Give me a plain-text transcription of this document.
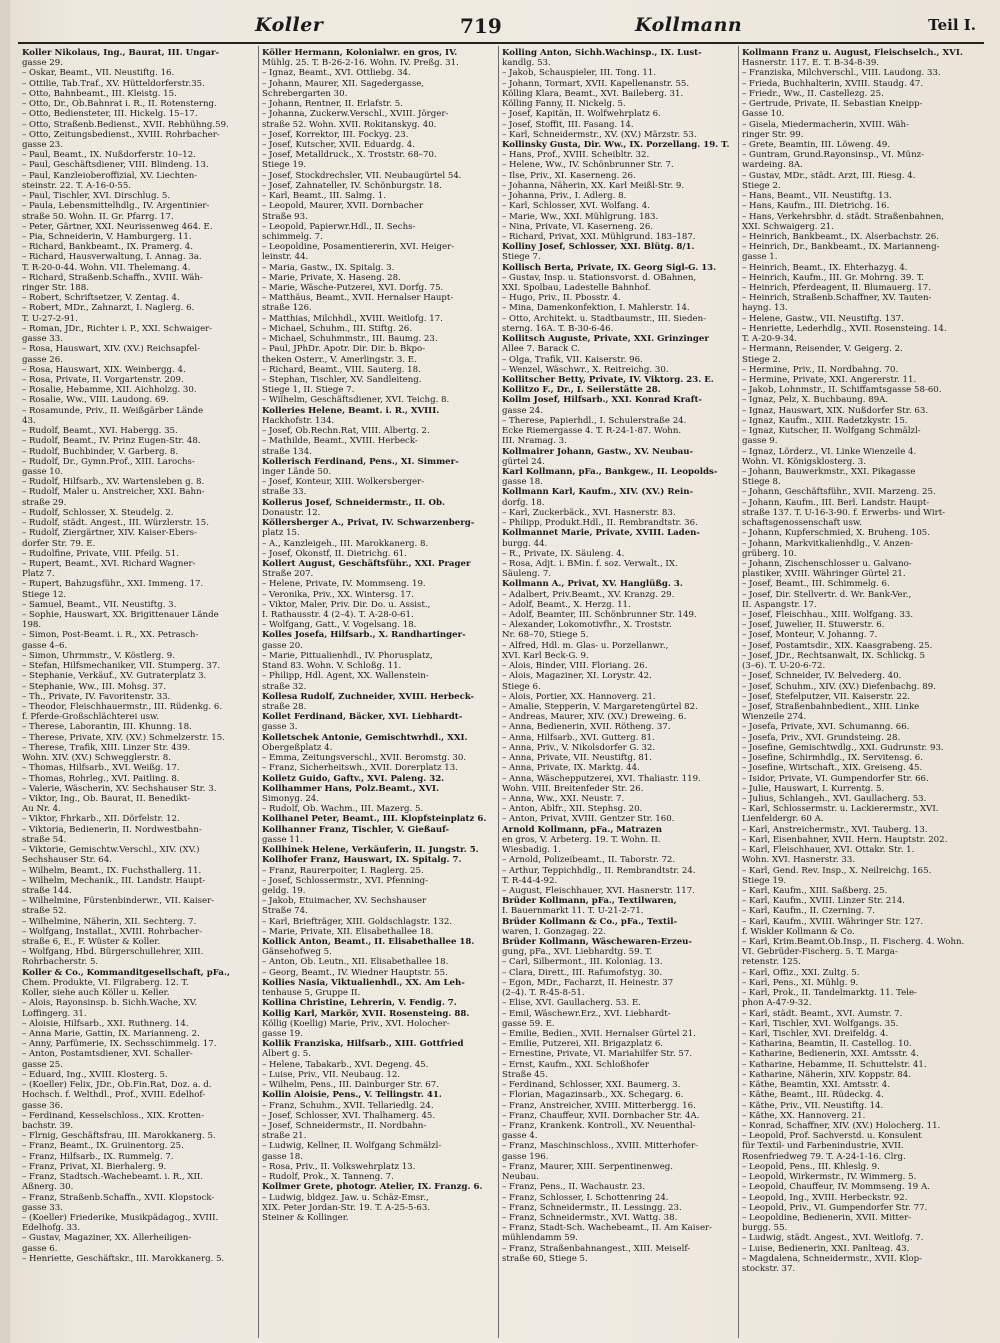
Koller	719	Kollmann	Teil I.
Koller Nikolaus, Ing., Baurat, III. Ungar-
gasse 29.
– Oskar, Beamt., VII. Neustiftg. 16.
– Ottilie, Tab.Traf., XV. Hütteldorferstr.35.
– Otto, Bahnbeamt., III. Kleistg. 15.
– Otto, Dr., Ob.Bahnrat i. R., II. Rotensterng.
– Otto, Bediensteter, III. Hickelg. 15–17.
– Otto, Straßenb.Bedienst., XVII. Rebhühng.59.
– Otto, Zeitungsbedienst., XVIII. Rohrbacher-
gasse 23.
– Paul, Beamt., IX. Nußdorferstr. 10–12.
– Paul, Geschäftsdiener, VIII. Blindeng. 13.
– Paul, Kanzleioberoffizial, XV. Liechten-
steinstr. 22. T. A-16-0-55.
– Paul, Tischler, XVI. Dirschlug. 5.
– Paula, Lebensmittelhdlg., IV. Argentinier-
straße 50. Wohn. II. Gr. Pfarrg. 17.
– Peter, Gärtner, XXI. Neurissenweg 464. E.
– Pia, Schneiderin, V. Hamburgerg. 11.
– Richard, Bankbeamt., IX. Pramerg. 4.
– Richard, Hausverwaltung, I. Annag. 3a.
T. R-20-0-44. Wohn. VII. Thelemang. 4.
– Richard, Straßenb.Schaffn., XVIII. Wäh-
ringer Str. 188.
– Robert, Schriftsetzer, V. Zentag. 4.
– Robert, MDr., Zahnarzt, I. Naglerg. 6.
T. U-27-2-91.
– Roman, JDr., Richter i. P., XXI. Schwaiger-
gasse 33.
– Rosa, Hauswart, XIV. (XV.) Reichsapfel-
gasse 26.
– Rosa, Hauswart, XIX. Weinbergg. 4.
– Rosa, Private, II. Vorgartenstr. 209.
– Rosalie, Hebamme, XII. Aichholzg. 30.
– Rosalie, Ww., VIII. Laudong. 69.
– Rosamunde, Priv., II. Weißgärber Lände
43.
– Rudolf, Beamt., XVI. Habergg. 35.
– Rudolf, Beamt., IV. Prinz Eugen-Str. 48.
– Rudolf, Buchbinder, V. Garberg. 8.
– Rudolf, Dr., Gymn.Prof., XIII. Larochs-
gasse 10.
– Rudolf, Hilfsarb., XV. Wartensleben g. 8.
– Rudolf, Maler u. Anstreicher, XXI. Bahn-
straße 29.
– Rudolf, Schlosser, X. Steudelg. 2.
– Rudolf, städt. Angest., III. Würzlerstr. 15.
– Rudolf, Ziergärtner, XIV. Kaiser-Ebers-
dorfer Str. 79. E.
– Rudolfine, Private, VIII. Pfeilg. 51.
– Rupert, Beamt., XVI. Richard Wagner-
Platz 7.
– Rupert, Bahzugsführ., XXI. Immeng. 17.
Stiege 12.
– Samuel, Beamt., VII. Neustiftg. 3.
– Sophie, Hauswart, XX. Brigittenauer Lände
198.
– Simon, Post-Beamt. i. R., XX. Petrasch-
gasse 4–6.
– Simon, Uhrmmstr., V. Köstlerg. 9.
– Stefan, Hilfsmechaniker, VII. Stumperg. 37.
– Stephanie, Verkäuf., XV. Gutraterplatz 3.
– Stephanie, Ww., III. Mohsg. 37.
– Th., Private, IV. Favoritenstr. 33.
– Theodor, Fleischhauermstr., III. Rüdenkg. 6.
f. Pferde-Großschlächterei usw.
– Therese, Laborantin, III. Khunng. 18.
– Therese, Private, XIV. (XV.) Schmelzerstr. 15.
– Therese, Trafik, XIII. Linzer Str. 439.
Wohn. XIV. (XV.) Schwegglerstr. 8.
– Thomas, Hilfsarb., XVI. Weißg. 17.
– Thomas, Rohrleg., XVI. Paitling. 8.
– Valerie, Wäscherin, XV. Sechshauser Str. 3.
– Viktor, Ing., Ob. Baurat, II. Benedikt-
Au Nr. 4.
– Viktor, Fhrkarb., XII. Dörfelstr. 12.
– Viktoria, Bedienerin, II. Nordwestbahn-
straße 54.
– Viktorie, Gemischtw.Verschl., XIV. (XV.)
Sechshauser Str. 64.
– Wilhelm, Beamt., IX. Fuchsthallerg. 11.
– Wilhelm, Mechanik., III. Landstr. Haupt-
straße 144.
– Wilhelmine, Fürstenbinderwr., VII. Kaiser-
straße 52.
– Wilhelmine, Näherin, XII. Sechterg. 7.
– Wolfgang, Installat., XVIII. Rohrbacher-
straße 6, E., F. Wüster & Koller.
– Wolfgang, Hbd. Bürgerschullehrer, XIII.
Rohrbacherstr. 5.
Koller & Co., Kommanditgesellschaft, pFa.,
Chem. Produkte, VI. Filgraberg. 12. T.
Koller, siehe auch Köller u. Keller.
– Alois, Rayonsinsp. b. Sichh.Wache, XV.
Loffingerg. 31.
– Aloisie, Hilfsarb., XXI. Ruthnerg. 14.
– Anna Marie, Gattin, IX. Marianneng. 2.
– Anny, Parfümerie, IX. Sechsschimmelg. 17.
– Anton, Postamtsdiener, XVI. Schaller-
gasse 25.
– Eduard, Ing., XVIII. Klosterg. 5.
– (Koeller) Felix, JDr., Ob.Fin.Rat, Doz. a. d.
Hochsch. f. Welthdl., Prof., XVIII. Edelhof-
gasse 36.
– Ferdinand, Kesselschloss., XIX. Krotten-
bachstr. 39.
– Flrnig, Geschäftsfrau, III. Marokkanerg. 5.
– Franz, Beamt., IX. Gruinentorg. 25.
– Franz, Hilfsarb., IX. Rummelg. 7.
– Franz, Privat, XI. Bierhalerg. 9.
– Franz, Stadtsch.-Wachebeamt. i. R., XII.
Aßnerg. 30.
– Franz, Straßenb.Schaffn., XVII. Klopstock-
gasse 33.
– (Koeller) Friederike, Musikpädagog., XVIII.
Edelhofg. 33.
– Gustav, Magaziner, XX. Allerheiligen-
gasse 6.
– Henriette, Geschäftskr., III. Marokkanerg. 5.
Köller Hermann, Kolonialwr. en gros, IV.
Mühlg. 25. T. B-26-2-16. Wohn. IV. Preßg. 31.
– Ignaz, Beamt., XVI. Ottliebg. 34.
– Johann, Maurer, XII. Sagedergasse,
Schrebergarten 30.
– Johann, Rentner, II. Erlafstr. 5.
– Johanna, Zuckerw.Verschl., XVIII. Jörger-
straße 52. Wohn. XVII. Rokitanskyg. 40.
– Josef, Korrektor, III. Fockyg. 23.
– Josef, Kutscher, XVII. Eduardg. 4.
– Josef, Metalldruck., X. Troststr. 68–70.
Stiege 19.
– Josef, Stockdrechsler, VII. Neubaugürtel 54.
– Josef, Zahnateller, IV. Schönburgstr. 18.
– Karl, Beamt., III. Salmg. 1.
– Leopold, Maurer, XVII. Dornbacher
Straße 93.
– Leopold, Papierwr.Hdl., II. Sechs-
schimmelg. 7.
– Leopoldine, Posamentiererin, XVI. Heiger-
leinstr. 44.
– Maria, Gastw., IX. Spitalg. 3.
– Marie, Private, X. Haseng. 28.
– Marie, Wäsche-Putzerei, XVI. Dorfg. 75.
– Matthäus, Beamt., XVII. Hernalser Haupt-
straße 126.
– Matthias, Milchhdl., XVIII. Weitlofg. 17.
– Michael, Schuhm., III. Stiftg. 26.
– Michael, Schuhmmstr., III. Baumg. 23.
– Paul, JPhDr. Apotr. Dir. Dir. b. Bkpo-
theken Österr., V. Amerlingstr. 3. E.
– Richard, Beamt., VIII. Sauterg. 18.
– Stephan, Tischler, XV. Sandleiteng.
Stiege 1, II. Stiege 7.
– Wilhelm, Geschäftsdiener, XVI. Teichg. 8.
Kolleries Helene, Beamt. i. R., XVIII.
Hackhofstr. 134.
– Josef, Ob.Rechn.Rat, VIII. Albertg. 2.
– Mathilde, Beamt., XVIII. Herbeck-
straße 134.
Kollerisch Ferdinand, Pens., XI. Simmer-
inger Lände 50.
– Josef, Konteur, XIII. Wolkersberger-
straße 33.
Kollerus Josef, Schneidermstr., II. Ob.
Donaustr. 12.
Köllersberger A., Privat, IV. Schwarzenberg-
platz 15.
– A., Kanzleigeh., III. Marokkanerg. 8.
– Josef, Ökonstf, II. Dietrichg. 61.
Kollert August, Geschäftsführ., XXI. Prager
Straße 207.
– Helene, Private, IV. Mommseng. 19.
– Veronika, Priv., XX. Wintersg. 17.
– Viktor, Maler, Priv. Dir. Do. u. Assist.,
I. Rathausstr. 4 (2–4). T. A-28-0-61.
– Wolfgang, Gatt., V. Vogelsang. 18.
Kolles Josefa, Hilfsarb., X. Randhartinger-
gasse 20.
– Marie, Pittualienhdl., IV. Phorusplatz,
Stand 83. Wohn. V. Schloßg. 11.
– Philipp, Hdl. Agent, XX. Wallenstein-
straße 32.
Kollesa Rudolf, Zuchneider, XVIII. Herbeck-
straße 28.
Kollet Ferdinand, Bäcker, XVI. Liebhardt-
gasse 3.
Kolletschek Antonie, Gemischtwrhdl., XXI.
Obergeßplatz 4.
– Emma, Zeitungsverschl., XVII. Beromstg. 30.
– Franz, Sicherheitswh., XVII. Dorerplatz 13.
Kolletz Guido, Gaftv., XVI. Paleng. 32.
Kollhammer Hans, Polz.Beamt., XVI.
Simonyg. 24.
– Rudolf, Ob. Wachm., III. Mazerg. 5.
Kollhanel Peter, Beamt., III. Klopfsteinplatz 6.
Kollhanner Franz, Tischler, V. Gießauf-
gasse 11.
Kollhinek Helene, Verkäuferin, II. Jungstr. 5.
Kollhofer Franz, Hauswart, IX. Spitalg. 7.
– Franz, Raurerpoiter, I. Raglerg. 25.
– Josef, Schlossermstr., XVI. Pfenning-
geldg. 19.
– Jakob, Etuimacher, XV. Sechshauser
Straße 74.
– Karl, Briefträger, XIII. Goldschlagstr. 132.
– Marie, Private, XII. Elisabethallee 18.
Kollick Anton, Beamt., II. Elisabethallee 18.
Gänsehofweg 5.
– Anton, Ob. Leutn., XII. Elisabethallee 18.
– Georg, Beamt., IV. Wiedner Hauptstr. 55.
Kollies Nasia, Viktualienhdl., XX. Am Leh-
tenhause 5, Gruppe II.
Kollina Christine, Lehrerin, V. Fendig. 7.
Kollig Karl, Markör, XVII. Rosensteing. 88.
Köllig (Koellig) Marie, Priv., XVI. Holocher-
gasse 19.
Kollik Franziska, Hilfsarb., XIII. Gottfried
Albert g. 5.
– Helene, Tabakarb., XVI. Degeng. 45.
– Luise, Priv., VII. Neubaug. 12.
– Wilhelm, Pens., III. Dainburger Str. 67.
Kollin Aloisie, Pens., V. Tellingstr. 41.
– Franz, Schuhm., XVII. Tellariedlg. 24.
– Josef, Schlosser, XVI. Thalhamerg. 45.
– Josef, Schneidermstr., II. Nordbahn-
straße 21.
– Ludwig, Kellner, II. Wolfgang Schmälzl-
gasse 18.
– Rosa, Priv., II. Volkswehrplatz 13.
– Rudolf, Prok., X. Tanneng. 7.
Kollmer Grete, photogr. Atelier, IX. Franzg. 6.
– Ludwig, bldgez. Jaw. u. Schäz-Emsr.,
XIX. Peter Jordan-Str. 19. T. A-25-5-63.
Steiner & Kollinger.
Kolling Anton, Sichh.Wachinsp., IX. Lust-
kandlg. 53.
– Jakob, Schauspieler, III. Tong. 11.
– Johann, Tormart, XVII. Kapellenanstr. 55.
Kölling Klara, Beamt., XVI. Baileberg. 31.
Kölling Fanny, II. Nickelg. 5.
– Josef, Kapitän, II. Wolfwehrplatz 6.
– Josef, Stoffit, III. Fasang. 14.
– Karl, Schneidermstr., XV. (XV.) Märzstr. 53.
Kollinsky Gusta, Dir. Ww., IX. Porzellang. 19. T.
– Hans, Prof., XVIII. Scheibltr. 32.
– Helene, Ww., IV. Schönbrunner Str. 7.
– Ilse, Priv., XI. Kaserneng. 26.
– Johanna, Näherin, XX. Karl Meißl-Str. 9.
– Johanna, Priv., I. Adlerg. 8.
– Karl, Schlosser, XVI. Wolfang. 4.
– Marie, Ww., XXI. Mühlgrung. 183.
– Nina, Private, VI. Kaserneng. 26.
– Richard, Privat, XXI. Mühlgrund. 183–187.
Kolliny Josef, Schlosser, XXI. Blütg. 8/1.
Stiege 7.
Kollisch Berta, Private, IX. Georg Sigl-G. 13.
– Gustav, Insp. u. Stationsvorst. d. ÖBahnen,
XXI. Spolbau, Ladestelle Bahnhof.
– Hugo, Priv., II. Pbosstr. 4.
– Mina, Damenkonfektion, I. Mahlerstr. 14.
– Otto, Architekt. u. Stadtbaumstr., III. Sieden-
sterng. 16A. T. B-30-6-46.
Kollitsch Auguste, Private, XXI. Grinzinger
Allee 7. Barack C.
– Olga, Trafik, VII. Kaiserstr. 96.
– Wenzel, Wäschwr., X. Reitreichg. 30.
Kollitscher Betty, Private, IV. Viktorg. 23. E.
Kollitzo F., Dr., I. Seilerstätte 28.
Kollm Josef, Hilfsarb., XXI. Konrad Kraft-
gasse 24.
– Therese, Papierhdl., I. Schulerstraße 24.
Ecke Riemergasse 4. T. R-24-1-87. Wohn.
III. Nramag. 3.
Kollmairer Johann, Gastw., XV. Neubau-
gürtel 24.
Karl Kollmann, pFa., Bankgew., II. Leopolds-
gasse 18.
Kollmann Karl, Kaufm., XIV. (XV.) Rein-
dorfg. 18.
– Karl, Zuckerbäck., XVI. Hasnerstr. 83.
– Philipp, Produkt.Hdl., II. Rembrandtstr. 36.
Kollmannet Marie, Private, XVIII. Laden-
burgg. 44.
– R., Private, IX. Säuleng. 4.
– Rosa, Adjt. i. BMin. f. soz. Verwalt., IX.
Säuleng. 7.
Kollmann A., Privat, XV. Hanglüßg. 3.
– Adalbert, Priv.Beamt., XV. Kranzg. 29.
– Adolf, Beamt., X. Herzg. 11.
– Adolf, Beamter, III. Schönbrunner Str. 149.
– Alexander, Lokomotivfhr., X. Troststr.
Nr. 68–70, Stiege 5.
– Alfred, Hdl. m. Glas- u. Porzellanwr.,
XVI. Karl Beck-G. 9.
– Alois, Binder, VIII. Floriang. 26.
– Alois, Magaziner, XI. Lorystr. 42.
Stiege 6.
– Alois, Portier, XX. Hannoverg. 21.
– Amalie, Stepperin, V. Margaretengürtel 82.
– Andreas, Maurer, XIV. (XV.) Dreweing. 6.
– Anna, Bedienerin, XVII. Rötheng. 37.
– Anna, Hilfsarb., XVI. Gutterg. 81.
– Anna, Priv., V. Nikolsdorfer G. 32.
– Anna, Private, VII. Neustiftg. 81.
– Anna, Private, IX. Marktg. 44.
– Anna, Wäschepputzerei, XVI. Thaliastr. 119.
Wohn. VIII. Breitenfeder Str. 26.
– Anna, Ww., XXI. Neustr. 7.
– Anton, Ablfr., XII. Stephsg. 20.
– Anton, Privat, XVIII. Gentzer Str. 160.
Arnold Kollmann, pFa., Matrazen
en gros, V. Arbeterg. 19. T. Wohn. II.
Wiesbadig. 1.
– Arnold, Polizeibeamt., II. Taborstr. 72.
– Arthur, Teppichhdlg., II. Rembrandtstr. 24.
T. R-44-4-92.
– August, Fleischhauer, XVI. Hasnerstr. 117.
Brüder Kollmann, pFa., Textilwaren,
I. Bauernmarkt 11. T. U-21-2-71.
Brüder Kollmann & Co., pFa., Textil-
waren, I. Gonzagag. 22.
Brüder Kollmann, Wäschewaren-Erzeu-
gung, pFa., XVI. Liebhardtg. 59. T.
– Carl, Silbermont., III. Koloniag. 13.
– Clara, Dirett., III. Rafumofstyg. 30.
– Egon, MDr., Facharzt, II. Heinestr. 37
(2–4). T. R-45-8-51.
– Elise, XVI. Gaullacherg. 53. E.
– Emil, Wäschewr.Erz., XVI. Liebhardt-
gasse 59. E.
– Emilie, Bedien., XVII. Hernalser Gürtel 21.
– Emilie, Putzerei, XII. Brigazplatz 6.
– Ernestine, Private, VI. Mariahilfer Str. 57.
– Ernst, Kaufm., XXI. Schloßhofer
Straße 45.
– Ferdinand, Schlosser, XXI. Baumerg. 3.
– Florian, Magazinsarb., XX. Schegarg. 6.
– Franz, Anstreicher, XVIII. Mitterbergg. 16.
– Franz, Chauffeur, XVII. Dornbacher Str. 4A.
– Franz, Krankenk. Kontroll., XV. Neuenthal-
gasse 4.
– Franz, Maschinschloss., XVIII. Mitterhofer-
gasse 196.
– Franz, Maurer, XIII. Serpentinenweg.
Neubau.
– Franz, Pens., II. Wachaustr. 23.
– Franz, Schlosser, I. Schottenring 24.
– Franz, Schneidermstr., II. Lessingg. 23.
– Franz, Schneidermstr., XVI. Wattg. 38.
– Franz, Stadt-Sch. Wachebeamt., II. Am Kaiser-
mühlendamm 59.
– Franz, Straßenbahnangest., XIII. Meiself-
straße 60, Stiege 5.
Kollmann Franz u. August, Fleischselch., XVI.
Hasnerstr. 117. E. T. B-34-8-39.
– Franziska, Milchverschl., VIII. Laudong. 33.
– Frieda, Buchhalterin, XVIII. Staudg. 47.
– Friedr., Ww., II. Castellezg. 25.
– Gertrude, Private, II. Sebastian Kneipp-
Gasse 10.
– Gisela, Miedermacherin, XVIII. Wäh-
ringer Str. 99.
– Grete, Beamtin, III. Löweng. 49.
– Guntram, Grund.Rayonsinsp., VI. Münz-
wardeing. 8A.
– Gustav, MDr., städt. Arzt, III. Riesg. 4.
Stiege 2.
– Hans, Beamt., VII. Neustiftg. 13.
– Hans, Kaufm., III. Dietrichg. 16.
– Hans, Verkehrsbhr. d. städt. Straßenbahnen,
XXI. Schwaigerg. 21.
– Heinrich, Bankbeamt., IX. Alserbachstr. 26.
– Heinrich, Dr., Bankbeamt., IX. Marianneng-
gasse 1.
– Heinrich, Beamt., IX. Ehterhazyg. 4.
– Heinrich, Kaufm., III. Gr. Mohrng. 39. T.
– Heinrich, Pferdeagent, II. Blumauerg. 17.
– Heinrich, Straßenb.Schaffner, XV. Tauten-
hayng. 13.
– Helene, Gastw., VII. Neustiftg. 137.
– Henriette, Lederhdlg., XVII. Rosensteing. 14.
T. A-20-9-34.
– Hermann, Reisender, V. Geigerg. 2.
Stiege 2.
– Hermine, Priv., II. Nordbahng. 70.
– Hermine, Private, XXI. Angererstr. 11.
– Jakob, Lohnmstr., II. Schiffamtsgasse 58-60.
– Ignaz, Pelz, X. Buchbaung. 89A.
– Ignaz, Hauswart, XIX. Nußdorfer Str. 63.
– Ignaz, Kaufm., XIII. Radetzkystr. 15.
– Ignaz, Kutscher, II. Wolfgang Schmälzl-
gasse 9.
– Ignaz, Lörderz., VI. Linke Wienzeile 4.
Wohn. VI. Königsklosterg. 3.
– Johann, Bauwerkmstr., XXI. Pikagasse
Stiege 8.
– Johann, Geschäftsführ., XVII. Marzeng. 25.
– Johann, Kaufm., III. Berl. Landstr. Haupt-
straße 137. T. U-16-3-90. f. Erwerbs- und Wirt-
schaftsgenossenschaft usw.
– Johann, Kupferschmied, X. Bruheng. 105.
– Johann, Markvitkalienhdlg., V. Anzen-
grüberg. 10.
– Johann, Zischenschlosser u. Galvano-
plastiker, XVIII. Währinger Gürtel 21.
– Josef, Beamt., III. Schimmelg. 6.
– Josef, Dir. Stellvertr. d. Wr. Bank-Ver.,
II. Aspangstr. 17.
– Josef, Fleischhau., XIII. Wolfgang. 33.
– Josef, Juwelier, II. Stuwerstr. 6.
– Josef, Monteur, V. Johanng. 7.
– Josef, Postamtsdir., XIX. Kaasgrabeng. 25.
– Josef, JDr., Rechtsanwalt, IX. Schlickg. 5
(3–6). T. U-20-6-72.
– Josef, Schneider, IV. Belvederg. 40.
– Josef, Schuhm., XIV. (XV.) Diefenbachg. 89.
– Josef, Stefelputzer, VII. Kaiserstr. 22.
– Josef, Straßenbahnbedient., XIII. Linke
Wienzeile 274.
– Josefa, Private, XVI. Schumanng. 66.
– Josefa, Priv., XVI. Grundsteing. 28.
– Josefine, Gemischtwdlg., XXI. Gudrunstr. 93.
– Josefine, Schirmhdlg., IX. Servitensg. 6.
– Josefine, Wirtschaft., XIX. Greiseng. 45.
– Isidor, Private, VI. Gumpendorfer Str. 66.
– Julie, Hauswart, I. Kurrentg. 5.
– Julius, Schlangeh., XVI. Gaullacherg. 53.
– Karl, Schlossermstr. u. Lackierermstr., XVI.
Lienfeldergr. 60 A.
– Karl, Anstreichermstr., XVI. Tauberg. 13.
– Karl, Eisenbahner, XVII. Hern. Hauptstr. 202.
– Karl, Fleischhauer, XVI. Ottakr. Str. 1.
Wohn. XVI. Hasnerstr. 33.
– Karl, Gend. Rev. Insp., X. Neilreichg. 165.
Stiege 19.
– Karl, Kaufm., XIII. Saßberg. 25.
– Karl, Kaufm., XVIII. Linzer Str. 214.
– Karl, Kaufm., II. Czerning. 7.
– Karl, Kaufm., XVIII. Währinger Str. 127.
f. Wiskler Kollmann & Co.
– Karl, Krim.Beamt.Ob.Insp., II. Fischerg. 4. Wohn.
VI. Gebrüder-Fischerg. 5. T. Marga-
retenstr. 125.
– Karl, Offiz., XXI. Zultg. 5.
– Karl, Pens., XI. Mühlg. 9.
– Karl, Prok., II. Tandelmarktg. 11. Tele-
phon A-47-9-32.
– Karl, städt. Beamt., XVI. Aumstr. 7.
– Karl, Tischler, XVI. Wolfgangs. 35.
– Karl, Tischler, XVI. Dreifeldg. 4.
– Katharina, Beamtin, II. Castellog. 10.
– Katharine, Bedienerin, XXI. Amtsstr. 4.
– Katharine, Hebamme, II. Schuttelstr. 41.
– Katharine, Näherin, XIV. Koppstr. 84.
– Käthe, Beamtin, XXI. Amtsstr. 4.
– Käthe, Beamt., III. Rüdeckg. 4.
– Käthe, Priv., VII. Neustiftg. 14.
– Käthe, XX. Hannoverg. 21.
– Konrad, Schaffner, XIV. (XV.) Holocherg. 11.
– Leopold, Prof. Sachverstd. u. Konsulent
für Textil- und Farbenindustrie, XVII.
Rosenfriedweg 79. T. A-24-1-16. Clrg.
– Leopold, Pens., III. Khleslg. 9.
– Leopold, Wirkermstr., IV. Wimmerg. 5.
– Leopold, Chauffeur, IV. Mommseng. 19 A.
– Leopold, Ing., XVIII. Herbeckstr. 92.
– Leopold, Priv., VI. Gumpendorfer Str. 77.
– Leopoldine, Bedienerin, XVII. Mitter-
burgg. 55.
– Ludwig, städt. Angest., XVI. Weitlofg. 7.
– Luise, Bedienerin, XXI. Panlteag. 43.
– Magdalena, Schneidermstr., XVII. Klop-
stockstr. 37.
